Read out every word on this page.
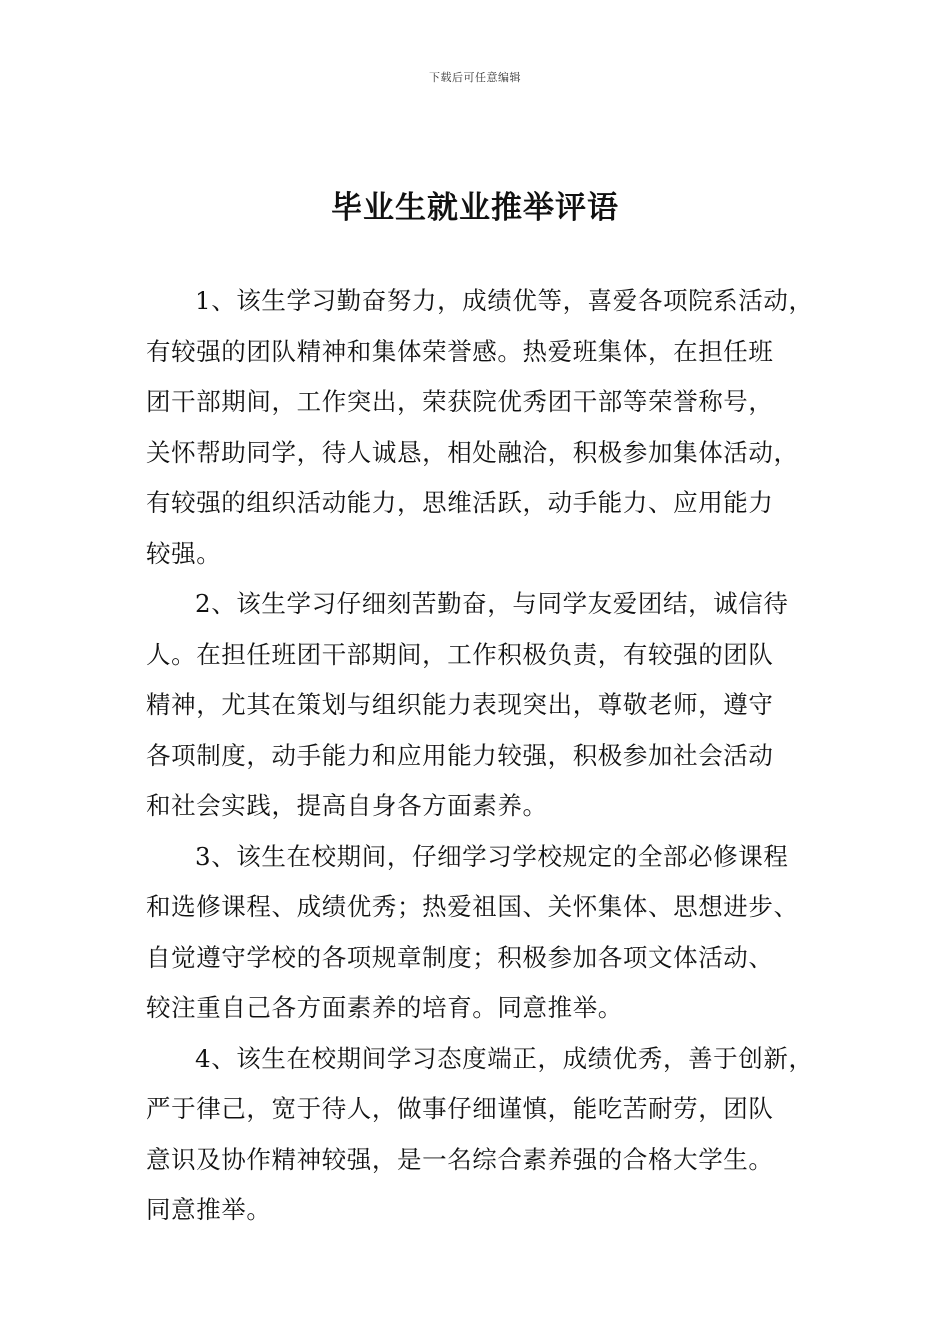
下载后可任意编辑
毕业生就业推举评语
1、该生学习勤奋努力，成绩优等，喜爱各项院系活动，
有较强的团队精神和集体荣誉感。热爱班集体，在担任班
团干部期间，工作突出，荣获院优秀团干部等荣誉称号，
关怀帮助同学，待人诚恳，相处融洽，积极参加集体活动，
有较强的组织活动能力，思维活跃，动手能力、应用能力
较强。
2、该生学习仔细刻苦勤奋，与同学友爱团结，诚信待
人。在担任班团干部期间，工作积极负责，有较强的团队
精神，尤其在策划与组织能力表现突出，尊敬老师，遵守
各项制度，动手能力和应用能力较强，积极参加社会活动
和社会实践，提高自身各方面素养。
3、该生在校期间，仔细学习学校规定的全部必修课程
和选修课程、成绩优秀；热爱祖国、关怀集体、思想进步、
自觉遵守学校的各项规章制度；积极参加各项文体活动、
较注重自己各方面素养的培育。同意推举。
4、该生在校期间学习态度端正，成绩优秀，善于创新，
严于律己，宽于待人，做事仔细谨慎，能吃苦耐劳，团队
意识及协作精神较强，是一名综合素养强的合格大学生。
同意推举。
